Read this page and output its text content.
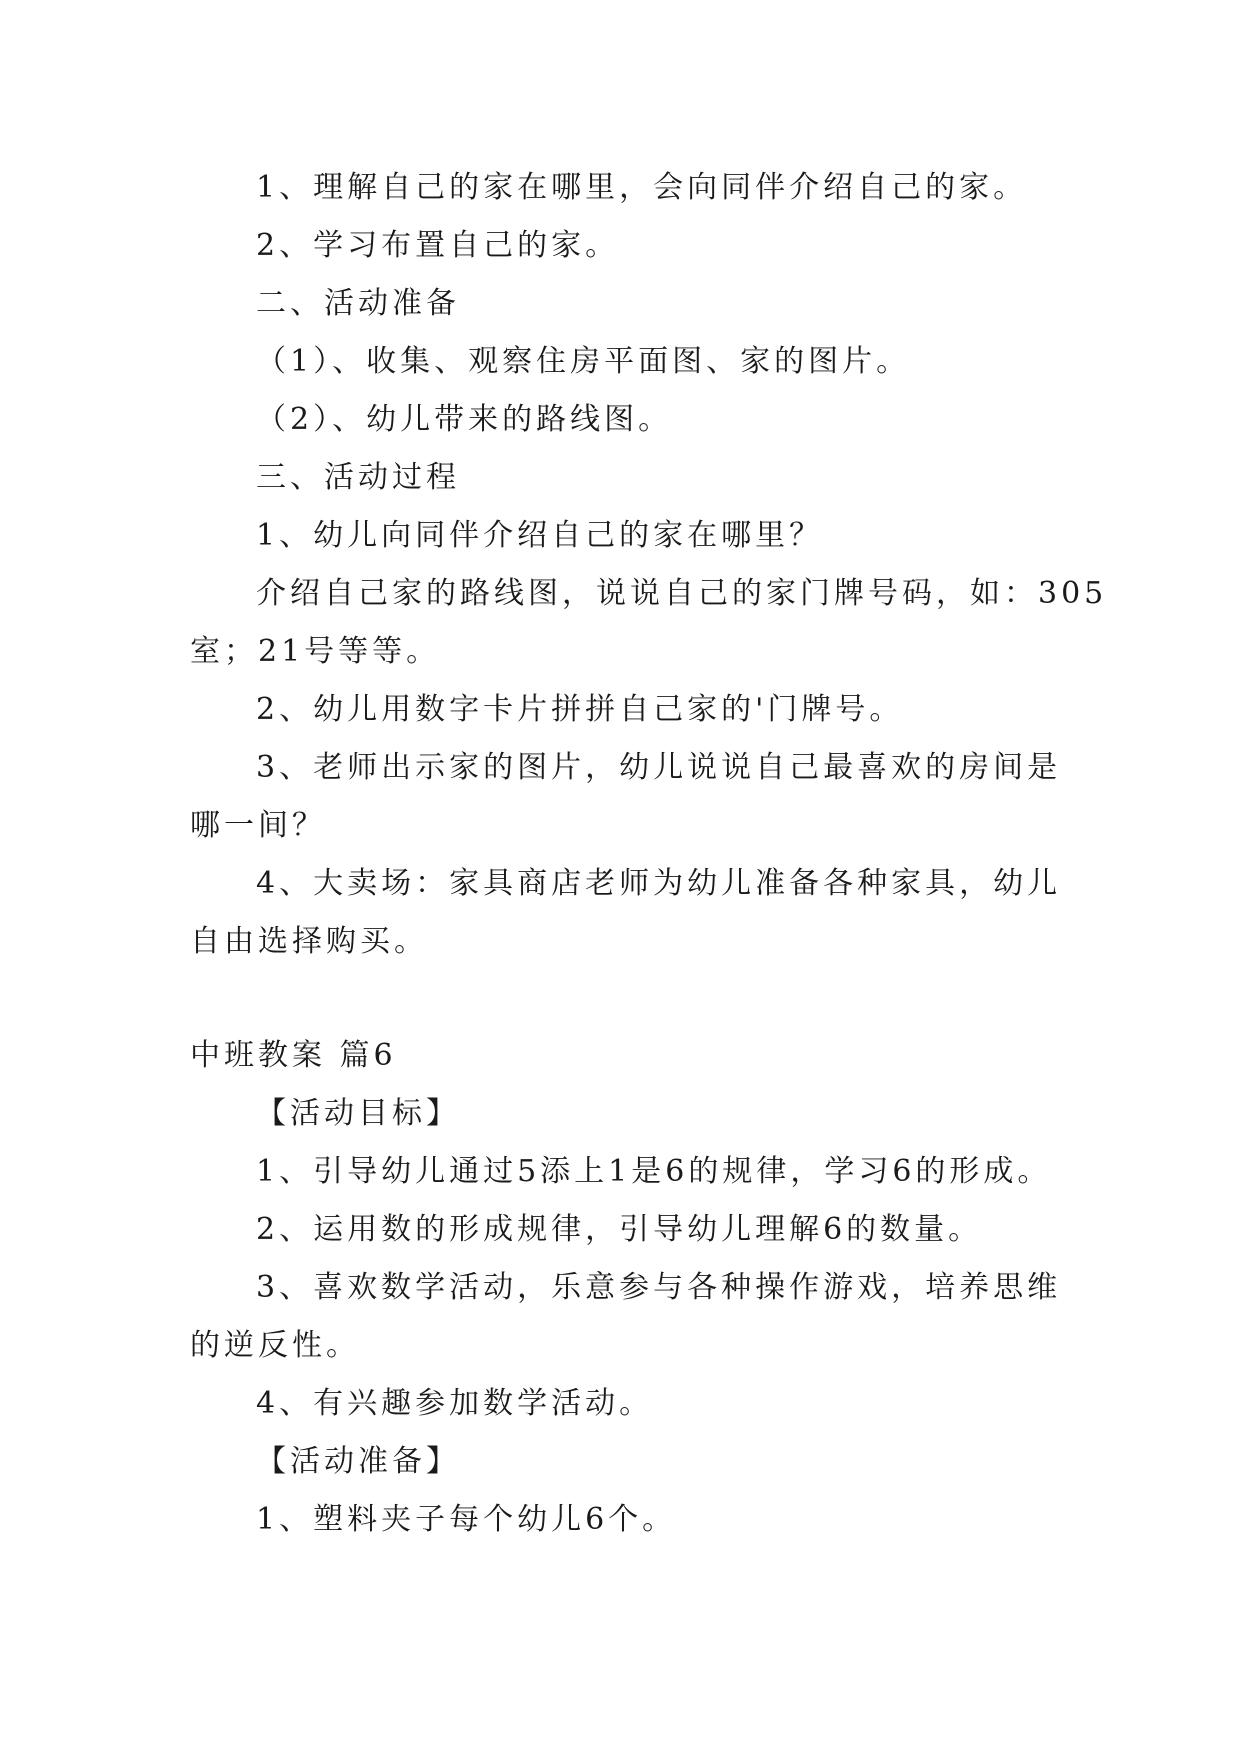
1、理解自己的家在哪里，会向同伴介绍自己的家。
2、学习布置自己的家。
二、活动准备
（1）、收集、观察住房平面图、家的图片。
（2）、幼儿带来的路线图。
三、活动过程
1、幼儿向同伴介绍自己的家在哪里？
介绍自己家的路线图，说说自己的家门牌号码，如：305
室；21号等等。
2、幼儿用数字卡片拼拼自己家的'门牌号。
3、老师出示家的图片，幼儿说说自己最喜欢的房间是
哪一间？
4、大卖场：家具商店老师为幼儿准备各种家具，幼儿
自由选择购买。
中班教案 篇6
【活动目标】
1、引导幼儿通过5添上1是6的规律，学习6的形成。
2、运用数的形成规律，引导幼儿理解6的数量。
3、喜欢数学活动，乐意参与各种操作游戏，培养思维
的逆反性。
4、有兴趣参加数学活动。
【活动准备】
1、塑料夹子每个幼儿6个。
